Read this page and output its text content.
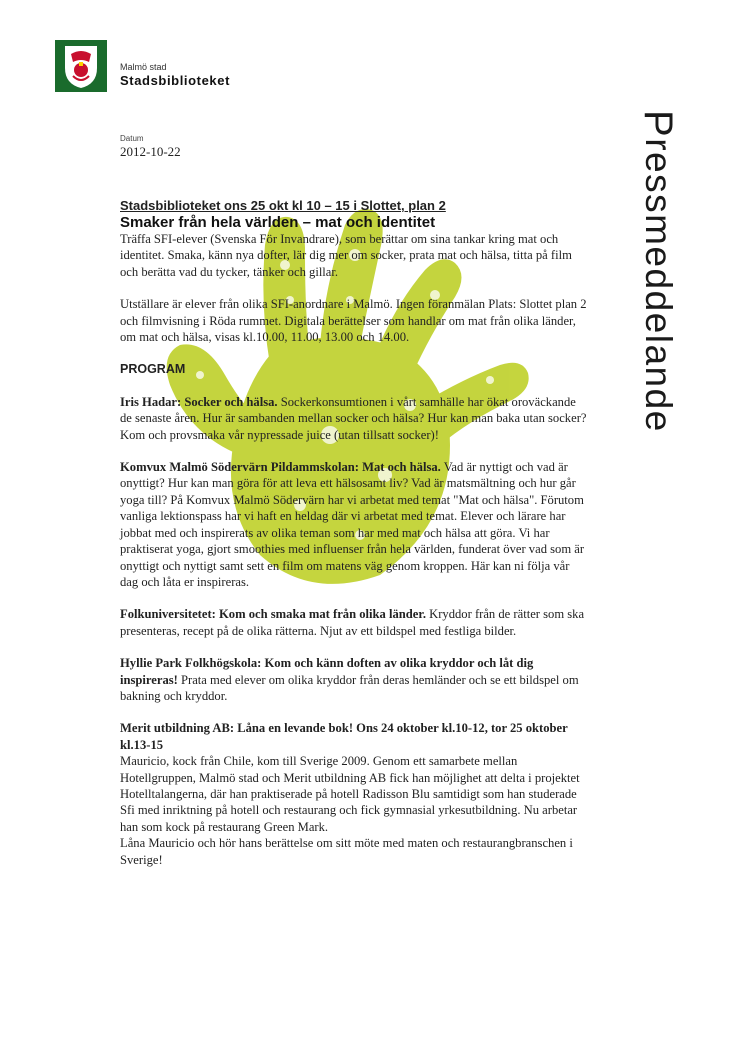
Malmö stad
Stadsbiblioteket
Datum
2012-10-22
Pressmeddelande
Stadsbiblioteket ons 25 okt kl 10 – 15 i Slottet, plan 2
Smaker från hela världen – mat och identitet

Träffa SFI-elever (Svenska För Invandrare), som berättar om sina tankar kring mat och identitet. Smaka, känn nya dofter, lär dig mer om socker, prata mat och hälsa, titta på film och berätta vad du tycker, tänker och gillar.

Utställare är elever från olika SFI-anordnare i Malmö. Ingen föranmälan Plats: Slottet plan 2 och filmvisning i Röda rummet. Digitala berättelser som handlar om mat från olika länder, om mat och hälsa, visas kl.10.00, 11.00, 13.00 och 14.00.

PROGRAM

Iris Hadar: Socker och hälsa. Sockerkonsumtionen i vårt samhälle har ökat oroväckande de senaste åren. Hur är sambanden mellan socker och hälsa? Hur kan man baka utan socker? Kom och provsmaka vår nypressade juice (utan tillsatt socker)!

Komvux Malmö Södervärn Pildammskolan: Mat och hälsa. Vad är nyttigt och vad är onyttigt? Hur kan man göra för att leva ett hälsosamt liv? Vad är matsmältning och hur går yoga till? På Komvux Malmö Södervärn har vi arbetat med temat "Mat och hälsa". Förutom vanliga lektionspass har vi haft en heldag där vi arbetat med temat. Elever och lärare har jobbat med och inspirerats av olika teman som har med mat och hälsa att göra. Vi har praktiserat yoga, gjort smoothies med influenser från hela världen, funderat över vad som är onyttigt och nyttigt samt sett en film om matens väg genom kroppen. Här kan ni följa vår dag och låta er inspireras.

Folkuniversitetet: Kom och smaka mat från olika länder. Kryddor från de rätter som ska presenteras, recept på de olika rätterna. Njut av ett bildspel med festliga bilder.

Hyllie Park Folkhögskola: Kom och känn doften av olika kryddor och låt dig inspireras! Prata med elever om olika kryddor från deras hemländer och se ett bildspel om bakning och kryddor.

Merit utbildning AB: Låna en levande bok! Ons 24 oktober kl.10-12, tor 25 oktober kl.13-15

Mauricio, kock från Chile, kom till Sverige 2009. Genom ett samarbete mellan Hotellgruppen, Malmö stad och Merit utbildning AB fick han möjlighet att delta i projektet Hotelltalangerna, där han praktiserade på hotell Radisson Blu samtidigt som han studerade Sfi med inriktning på hotell och restaurang och fick gymnasial yrkesutbildning. Nu arbetar han som kock på restaurang Green Mark.

Låna Mauricio och hör hans berättelse om sitt möte med maten och restaurangbranschen i Sverige!
